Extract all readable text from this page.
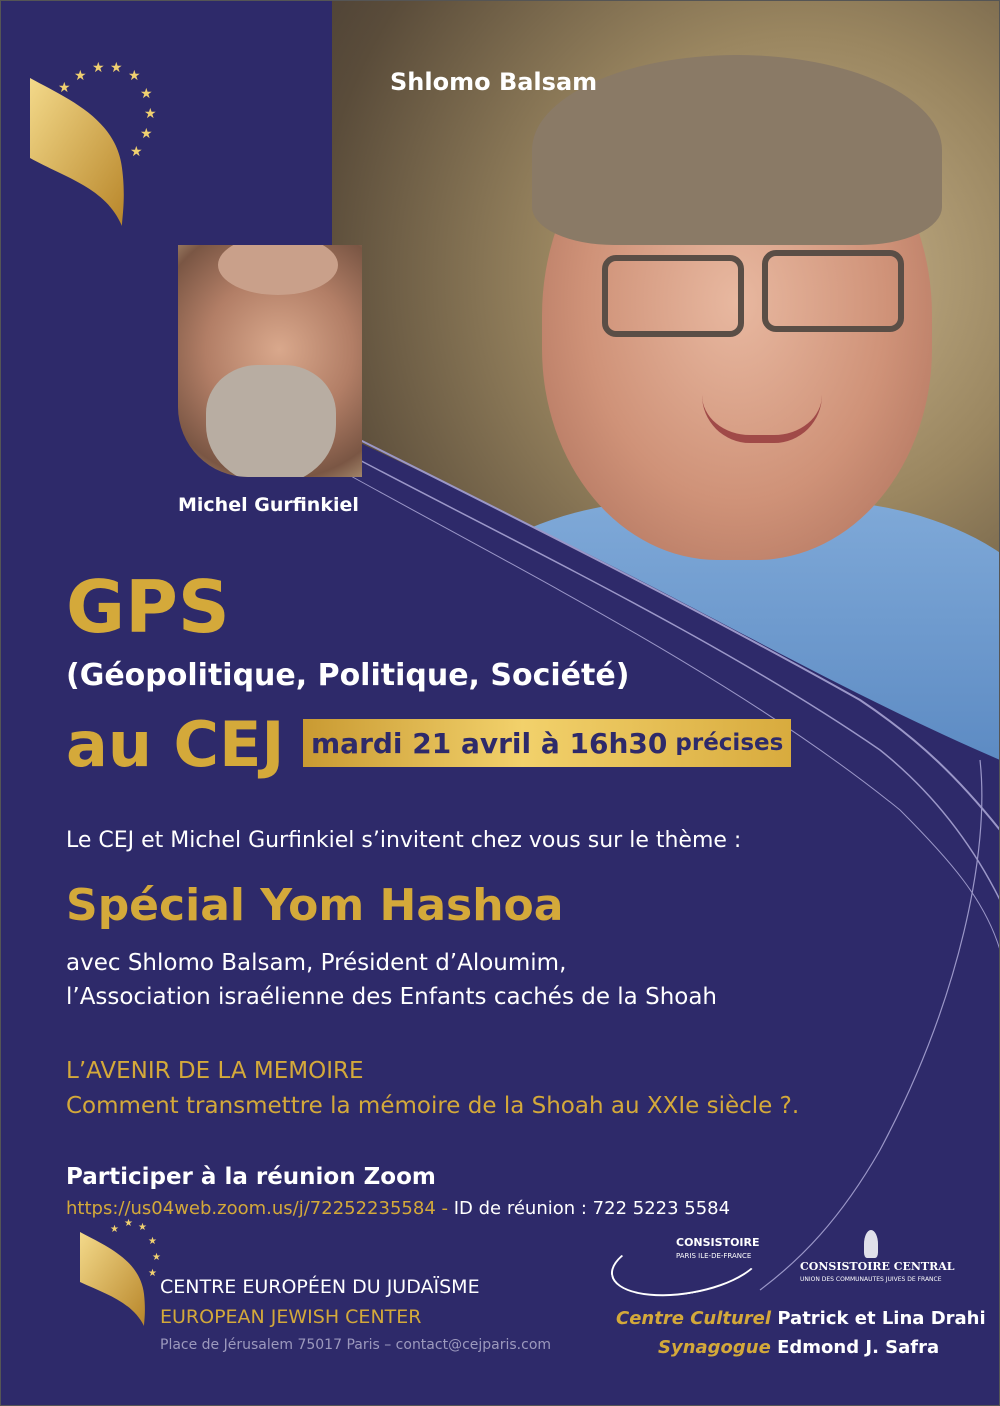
★ ★ ★ ★
★
★
★
★
★	Shlomo Balsam

Michel Gurfinkiel

GPS

(Géopolitique, Politique, Société)

au CEJ mardi 21 avril à 16h30 précises

Le CEJ et Michel Gurfinkiel s’invitent chez vous sur le thème :

Spécial Yom Hashoa

avec Shlomo Balsam, Président d’Aloumim,

l’Association israélienne des Enfants cachés de la Shoah

L’AVENIR DE LA MEMOIRE

Comment transmettre la mémoire de la Shoah au XXIe siècle ?.

Participer à la réunion Zoom

https://us04web.zoom.us/j/72252235584 - ID de réunion : 722 5223 5584

★
★ ★
★
★
★

CENTRE EUROPÉEN DU JUDAÏSME

EUROPEAN JEWISH CENTER

Place de Jérusalem 75017 Paris – contact@cejparis.com

CONSISTOIRE
PARIS ILE-DE-FRANCE
CONSISTOIRE CENTRAL
UNION DES COMMUNAUTES JUIVES DE FRANCE

Centre Culturel Patrick et Lina Drahi

Synagogue Edmond J. Safra
